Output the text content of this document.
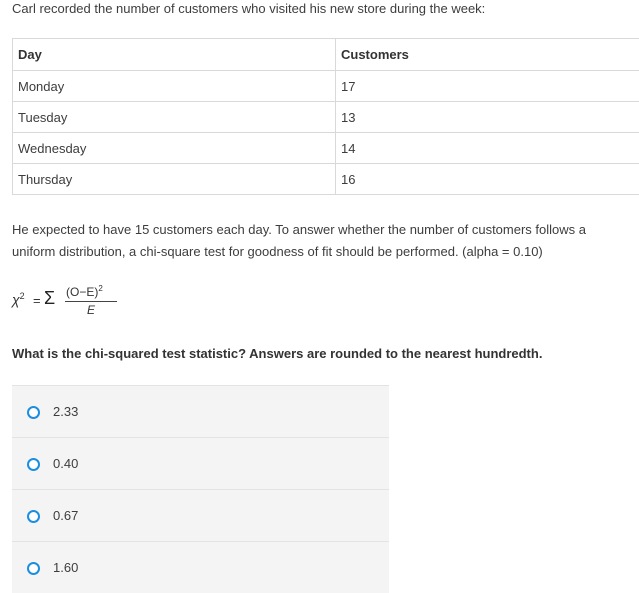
Carl recorded the number of customers who visited his new store during the week:
Day	Customers
Monday	17
Tuesday	13
Wednesday	14
Thursday	16
He expected to have 15 customers each day. To answer whether the number of customers follows a uniform distribution, a chi-square test for goodness of fit should be performed. (alpha = 0.10)
$\chi^2 = \Sigma$ $(O-E)^2$
E
What is the chi-squared test statistic? Answers are rounded to the nearest hundredth.
2.33
0.40
0.67
1.60
